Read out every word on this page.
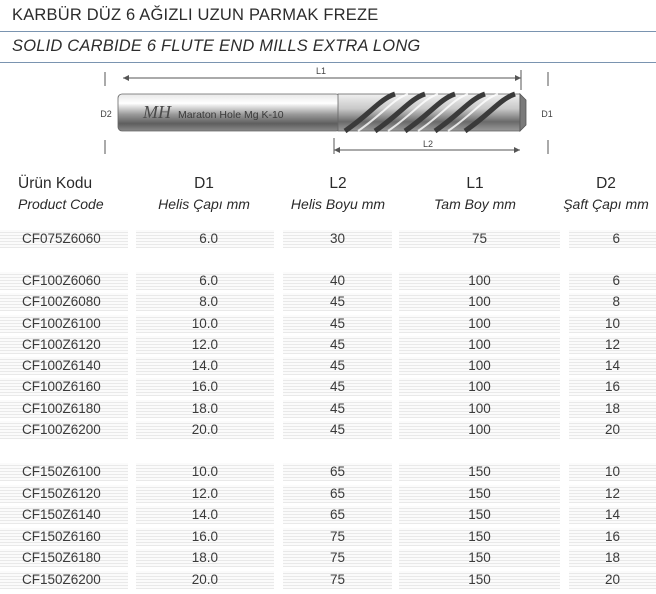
KARBÜR DÜZ 6 AĞIZLI UZUN PARMAK FREZE
SOLID CARBIDE 6 FLUTE END MILLS EXTRA LONG
L1
L2
D2	D1
MH Maraton Hole Mg K-10
Ürün Kodu
Product Code
D1
Helis Çapı mm
L2
Helis Boyu mm
L1
Tam Boy mm
D2
Şaft Çapı mm
CF075Z6060	6.0	30	75	6
CF100Z6060	6.0	40	100	6
CF100Z6080	8.0	45	100	8
CF100Z6100	10.0	45	100	10
CF100Z6120	12.0	45	100	12
CF100Z6140	14.0	45	100	14
CF100Z6160	16.0	45	100	16
CF100Z6180	18.0	45	100	18
CF100Z6200	20.0	45	100	20
CF150Z6100	10.0	65	150	10
CF150Z6120	12.0	65	150	12
CF150Z6140	14.0	65	150	14
CF150Z6160	16.0	75	150	16
CF150Z6180	18.0	75	150	18
CF150Z6200	20.0	75	150	20
